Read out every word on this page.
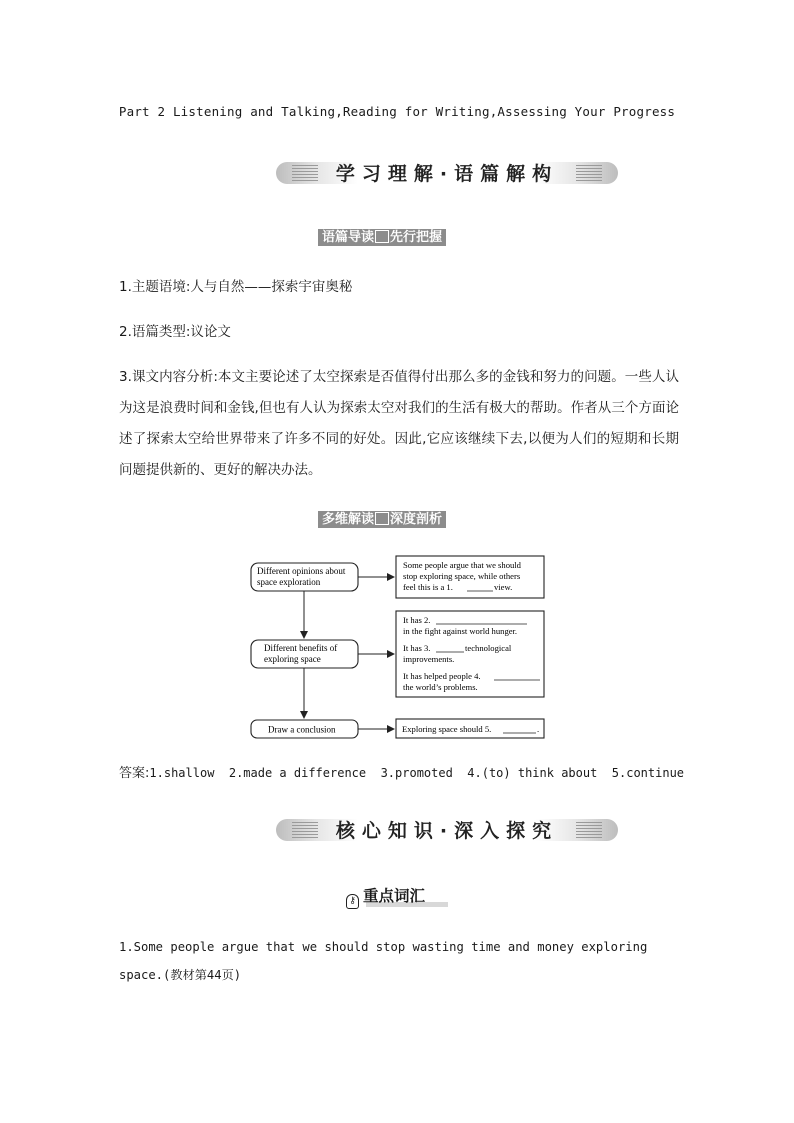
Part 2 Listening and Talking,Reading for Writing,Assessing Your Progress
学习理解·语篇解构
语篇导读 先行把握
1.主题语境:人与自然——探索宇宙奥秘
2.语篇类型:议论文
3.课文内容分析:本文主要论述了太空探索是否值得付出那么多的金钱和努力的问题。一些人认为这是浪费时间和金钱,但也有人认为探索太空对我们的生活有极大的帮助。作者从三个方面论述了探索太空给世界带来了许多不同的好处。因此,它应该继续下去,以便为人们的短期和长期问题提供新的、更好的解决办法。
多维解读 深度剖析
Different opinions about
space exploration
Different benefits of
exploring space
Draw a conclusion
Some people argue that we should
stop exploring space, while others
feel this is a 1.	view.
It has 2.
in the fight against world hunger.
It has 3.	technological
improvements.
It has helped people 4.
the world’s problems.
Exploring space should 5.	.
答案:1.shallow  2.made a difference  3.promoted  4.(to) think about  5.continue
核心知识·深入探究
⚷ 重点词汇
1.Some people argue that we should stop wasting time and money exploring space.(教材第44页)
